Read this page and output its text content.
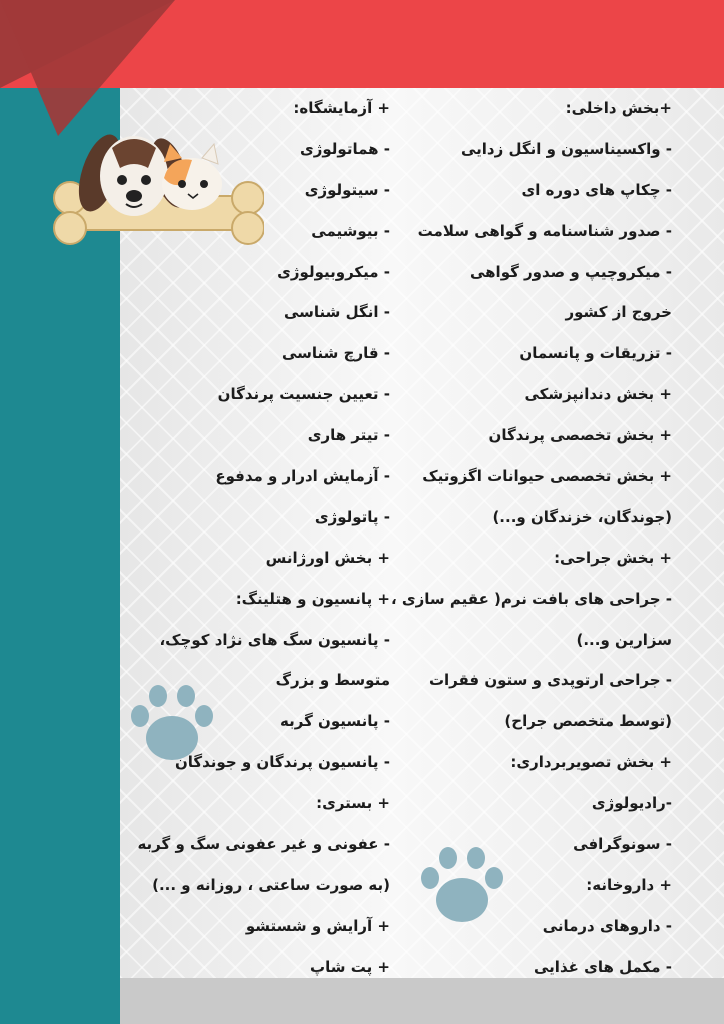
+بخش داخلی:
- واکسیناسیون و انگل زدایی
- چکاپ های دوره ای
- صدور شناسنامه و گواهی سلامت
- میکروچیپ و صدور گواهی
خروج از کشور
- تزریقات و پانسمان
+ بخش دندانپزشکی
+ بخش تخصصی پرندگان
+ بخش تخصصی حیوانات اگزوتیک
(جوندگان، خزندگان و...)
+ بخش جراحی:
- جراحی های بافت نرم( عقیم سازی ،
سزارین و...)
- جراحی ارتوپدی و ستون فقرات
(توسط متخصص جراح)
+ بخش تصویربرداری:
-رادیولوژی
- سونوگرافی
+ داروخانه:
- داروهای درمانی
- مکمل های غذایی
+ آزمایشگاه:
- هماتولوژی
- سیتولوژی
- بیوشیمی
- میکروبیولوژی
- انگل شناسی
- قارچ شناسی
- تعیین جنسیت پرندگان
- تیتر هاری
- آزمایش ادرار و مدفوع
- پاتولوژی
+ بخش اورژانس
+ پانسیون و هتلینگ:
- پانسیون سگ های نژاد کوچک،
متوسط و بزرگ
- پانسیون گربه
- پانسیون پرندگان و جوندگان
+ بستری:
- عفونی و غیر عفونی سگ و گربه
(به صورت ساعتی ، روزانه و ...)
+ آرایش و شستشو
+ پت شاپ
